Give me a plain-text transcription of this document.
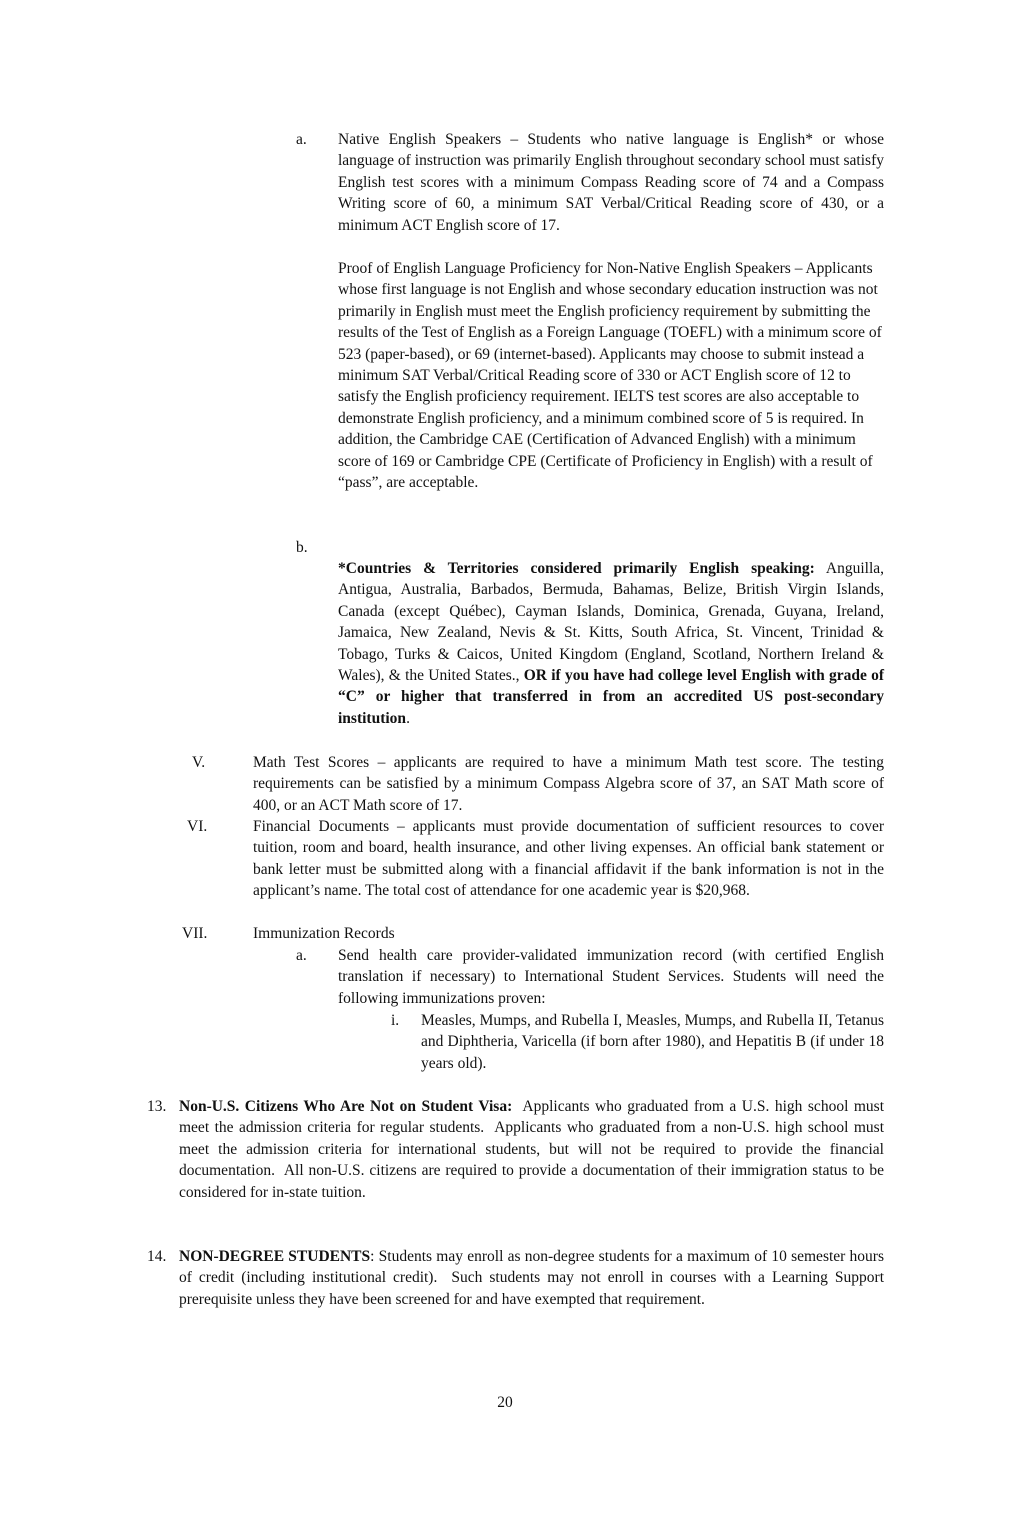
a. Native English Speakers – Students who native language is English* or whose language of instruction was primarily English throughout secondary school must satisfy English test scores with a minimum Compass Reading score of 74 and a Compass Writing score of 60, a minimum SAT Verbal/Critical Reading score of 430, or a minimum ACT English score of 17.
Proof of English Language Proficiency for Non-Native English Speakers – Applicants whose first language is not English and whose secondary education instruction was not primarily in English must meet the English proficiency requirement by submitting the results of the Test of English as a Foreign Language (TOEFL) with a minimum score of 523 (paper-based), or 69 (internet-based). Applicants may choose to submit instead a minimum SAT Verbal/Critical Reading score of 330 or ACT English score of 12 to satisfy the English proficiency requirement. IELTS test scores are also acceptable to demonstrate English proficiency, and a minimum combined score of 5 is required. In addition, the Cambridge CAE (Certification of Advanced English) with a minimum score of 169 or Cambridge CPE (Certificate of Proficiency in English) with a result of “pass”, are acceptable.
b.
*Countries & Territories considered primarily English speaking: Anguilla, Antigua, Australia, Barbados, Bermuda, Bahamas, Belize, British Virgin Islands, Canada (except Québec), Cayman Islands, Dominica, Grenada, Guyana, Ireland, Jamaica, New Zealand, Nevis & St. Kitts, South Africa, St. Vincent, Trinidad & Tobago, Turks & Caicos, United Kingdom (England, Scotland, Northern Ireland & Wales), & the United States., OR if you have had college level English with grade of “C” or higher that transferred in from an accredited US post-secondary institution.
V.	Math Test Scores – applicants are required to have a minimum Math test score. The testing requirements can be satisfied by a minimum Compass Algebra score of 37, an SAT Math score of 400, or an ACT Math score of 17.
VI.	Financial Documents – applicants must provide documentation of sufficient resources to cover tuition, room and board, health insurance, and other living expenses. An official bank statement or bank letter must be submitted along with a financial affidavit if the bank information is not in the applicant’s name. The total cost of attendance for one academic year is $20,968.
VII.	Immunization Records
a. Send health care provider-validated immunization record (with certified English translation if necessary) to International Student Services. Students will need the following immunizations proven:
i. Measles, Mumps, and Rubella I, Measles, Mumps, and Rubella II, Tetanus and Diphtheria, Varicella (if born after 1980), and Hepatitis B (if under 18 years old).
13. Non-U.S. Citizens Who Are Not on Student Visa:  Applicants who graduated from a U.S. high school must meet the admission criteria for regular students.  Applicants who graduated from a non-U.S. high school must meet the admission criteria for international students, but will not be required to provide the financial documentation.  All non-U.S. citizens are required to provide a documentation of their immigration status to be considered for in-state tuition.
14. NON-DEGREE STUDENTS: Students may enroll as non-degree students for a maximum of 10 semester hours of credit (including institutional credit).  Such students may not enroll in courses with a Learning Support prerequisite unless they have been screened for and have exempted that requirement.
20
